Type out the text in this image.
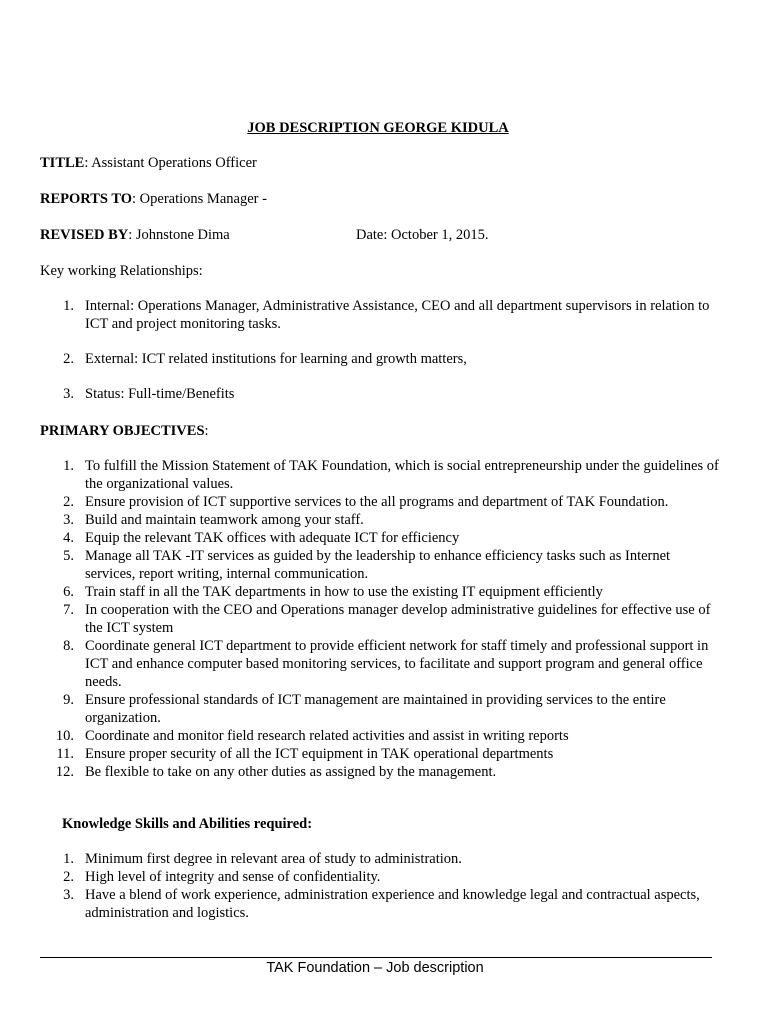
JOB DESCRIPTION GEORGE KIDULA
TITLE: Assistant Operations Officer
REPORTS TO: Operations Manager -
REVISED BY: Johnstone Dima	Date: October 1, 2015.
Key working Relationships:
1. Internal: Operations Manager, Administrative Assistance, CEO and all department supervisors in relation to ICT and project monitoring tasks.
2. External: ICT related institutions for learning and growth matters,
3. Status: Full-time/Benefits
PRIMARY OBJECTIVES:
1. To fulfill the Mission Statement of TAK Foundation, which is social entrepreneurship under the guidelines of the organizational values.
2. Ensure provision of ICT supportive services to the all programs and department of TAK Foundation.
3. Build and maintain teamwork among your staff.
4. Equip the relevant TAK offices with adequate ICT for efficiency
5. Manage all TAK -IT services as guided by the leadership to enhance efficiency tasks such as Internet services, report writing, internal communication.
6. Train staff in all the TAK departments in how to use the existing IT equipment efficiently
7. In cooperation with the CEO and Operations manager develop administrative guidelines for effective use of the ICT system
8. Coordinate general ICT department to provide efficient network for staff timely and professional support in ICT and enhance computer based monitoring services, to facilitate and support program and general office needs.
9. Ensure professional standards of ICT management are maintained in providing services to the entire organization.
10. Coordinate and monitor field research related activities and assist in writing reports
11. Ensure proper security of all the ICT equipment in TAK operational departments
12. Be flexible to take on any other duties as assigned by the management.
Knowledge Skills and Abilities required:
1. Minimum first degree in relevant area of study to administration.
2. High level of integrity and sense of confidentiality.
3. Have a blend of work experience, administration experience and knowledge legal and contractual aspects, administration and logistics.
TAK Foundation – Job description
